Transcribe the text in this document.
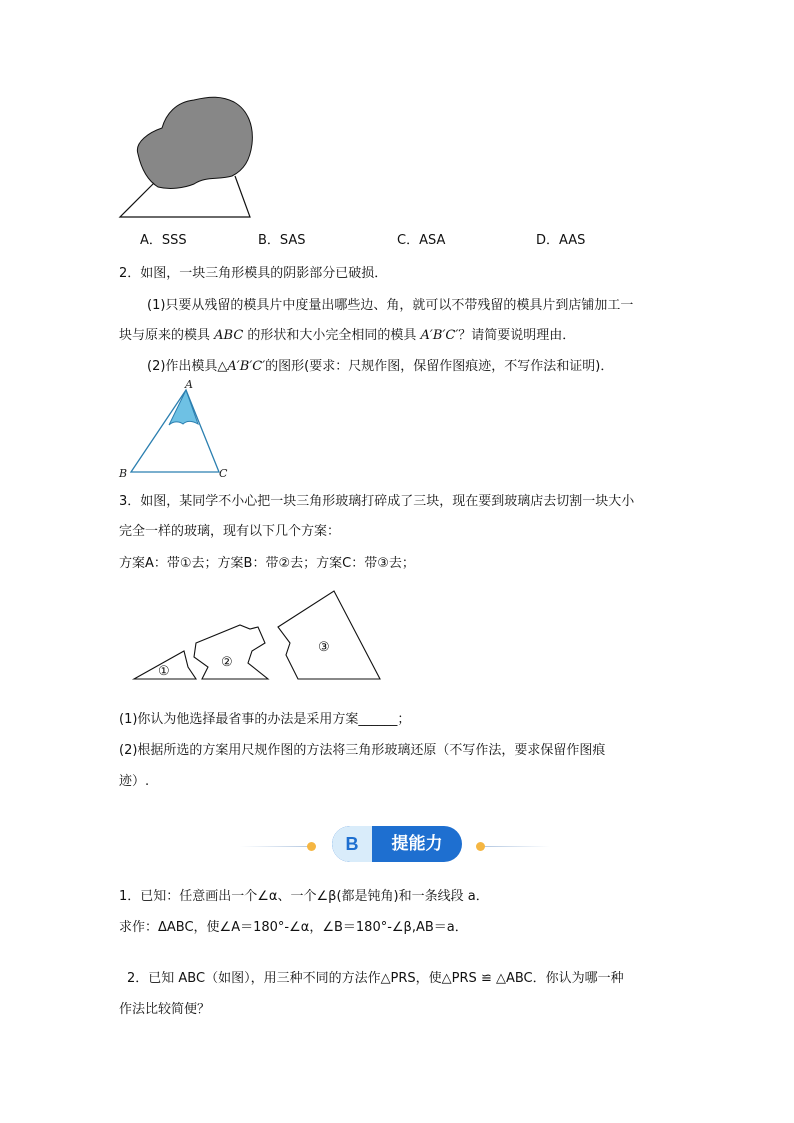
A．SSS	B．SAS	C．ASA	D．AAS
2．如图，一块三角形模具的阴影部分已破损．
(1)只要从残留的模具片中度量出哪些边、角，就可以不带残留的模具片到店铺加工一
块与原来的模具 ABC 的形状和大小完全相同的模具 A′B′C′？请简要说明理由．
(2)作出模具△A′B′C′的图形(要求：尺规作图，保留作图痕迹，不写作法和证明)．
A
B	C
3．如图，某同学不小心把一块三角形玻璃打碎成了三块，现在要到玻璃店去切割一块大小
完全一样的玻璃，现有以下几个方案：
方案A：带①去；方案B：带②去；方案C：带③去；
①
②
③
(1)你认为他选择最省事的办法是采用方案______；
(2)根据所选的方案用尺规作图的方法将三角形玻璃还原（不写作法，要求保留作图痕
迹）.
B	提能力
1．已知：任意画出一个∠α、一个∠β(都是钝角)和一条线段 a．
求作：ΔABC，使∠A＝180°-∠α，∠B＝180°-∠β,AB＝a．
2．已知 ABC（如图），用三种不同的方法作△PRS，使△PRS ≌ △ABC．你认为哪一种
作法比较简便？
